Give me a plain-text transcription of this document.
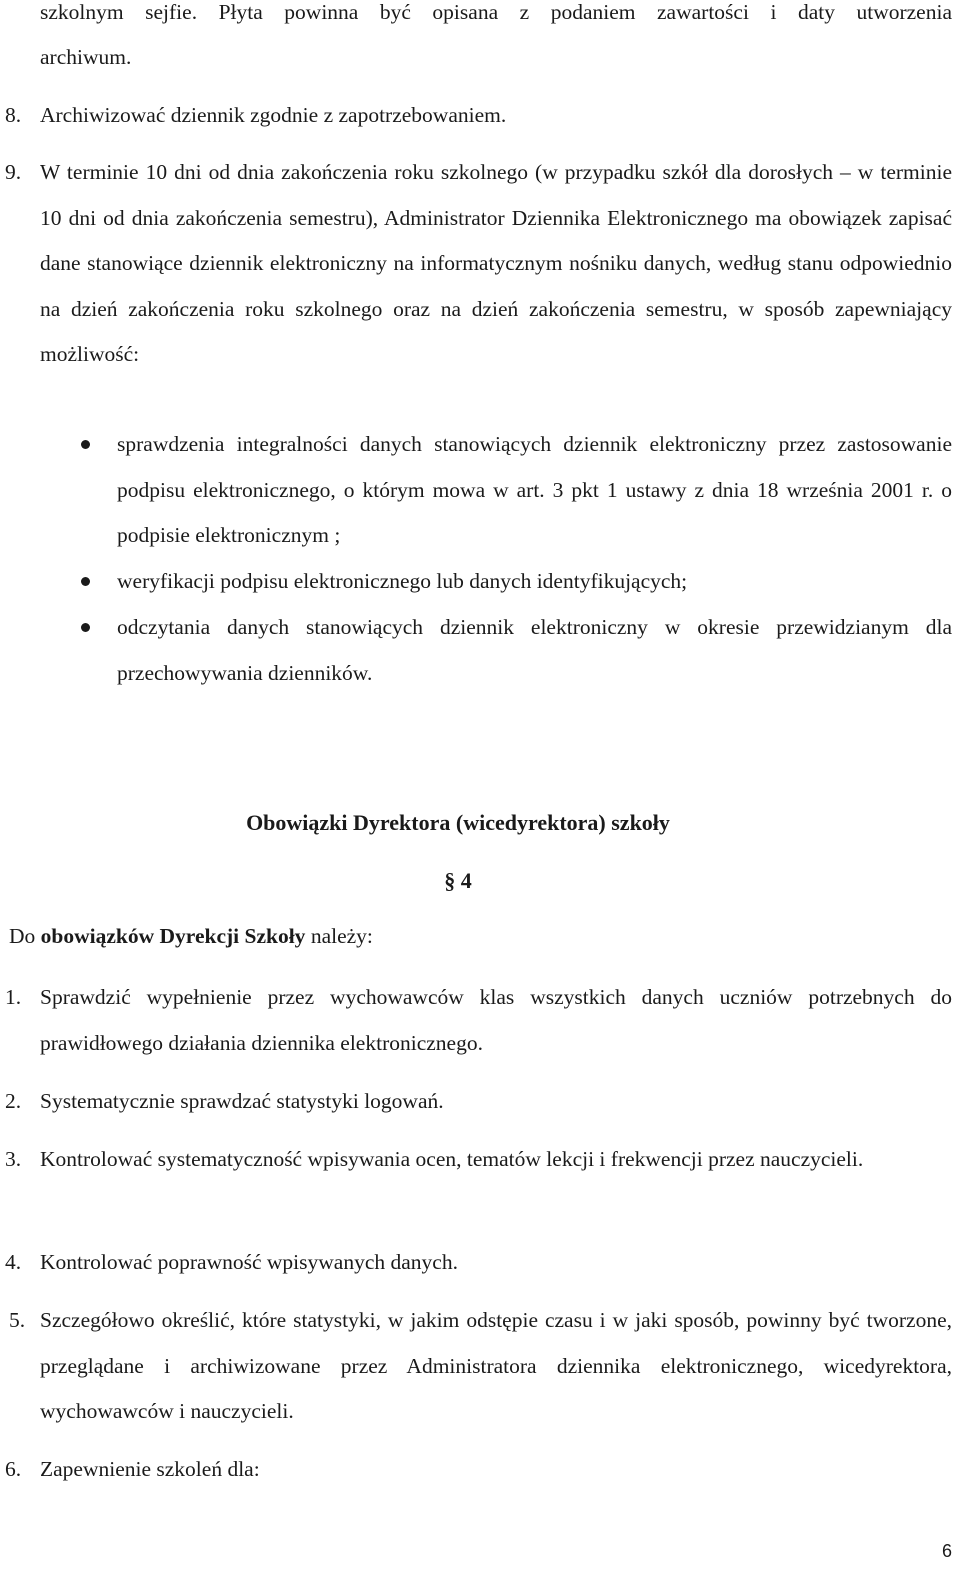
szkolnym sejfie. Płyta powinna być opisana z podaniem zawartości i daty utworzenia
archiwum.
8. Archiwizować dziennik zgodnie z zapotrzebowaniem.
9. W terminie 10 dni od dnia zakończenia roku szkolnego (w przypadku szkół dla dorosłych – w terminie 10 dni od dnia zakończenia semestru), Administrator Dziennika Elektronicznego ma obowiązek zapisać dane stanowiące dziennik elektroniczny na informatycznym nośniku danych, według stanu odpowiednio na dzień zakończenia roku szkolnego oraz na dzień zakończenia semestru, w sposób zapewniający możliwość:
sprawdzenia integralności danych stanowiących dziennik elektroniczny przez zastosowanie podpisu elektronicznego, o którym mowa w art. 3 pkt 1 ustawy z dnia 18 września 2001 r. o podpisie elektronicznym ;
weryfikacji podpisu elektronicznego lub danych identyfikujących;
odczytania danych stanowiących dziennik elektroniczny w okresie przewidzianym dla przechowywania dzienników.
Obowiązki Dyrektora (wicedyrektora) szkoły
§ 4
Do obowiązków Dyrekcji Szkoły należy:
1. Sprawdzić wypełnienie przez wychowawców klas wszystkich danych uczniów potrzebnych do prawidłowego działania dziennika elektronicznego.
2. Systematycznie sprawdzać statystyki logowań.
3. Kontrolować systematyczność wpisywania ocen, tematów lekcji i frekwencji przez nauczycieli.
4. Kontrolować poprawność wpisywanych danych.
5. Szczegółowo określić, które statystyki, w jakim odstępie czasu i w jaki sposób, powinny być tworzone, przeglądane i archiwizowane przez Administratora dziennika elektronicznego, wicedyrektora, wychowawców i nauczycieli.
6. Zapewnienie szkoleń dla:
6
